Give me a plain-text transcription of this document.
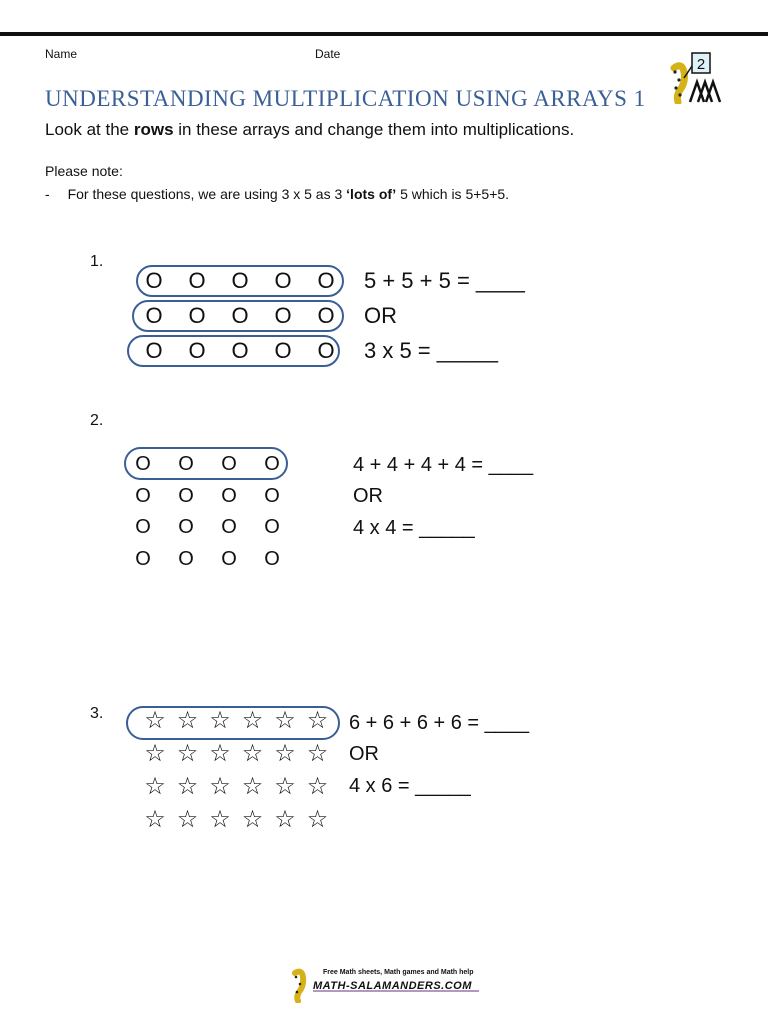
Name	Date
2
UNDERSTANDING MULTIPLICATION USING ARRAYS 1
Look at the rows in these arrays and change them into multiplications.
Please note:
- For these questions, we are using 3 x 5 as 3 ‘lots of’ 5 which is 5+5+5.
1.
O O O O O
O O O O O
O O O O O
5 + 5 + 5 = ____
OR
3 x 5 = _____
2.
O	O	O	O
O	O	O	O
O	O	O	O
O	O	O	O
4 + 4 + 4 + 4 = ____
OR
4 x 4 = _____
3. ☆ ☆ ☆ ☆ ☆ ☆
☆ ☆ ☆ ☆ ☆ ☆
☆ ☆ ☆ ☆ ☆ ☆
☆ ☆ ☆ ☆ ☆ ☆
6 + 6 + 6 + 6 = ____
OR
4 x 6 = _____
Free Math sheets, Math games and Math help
MATH-SALAMANDERS.COM
